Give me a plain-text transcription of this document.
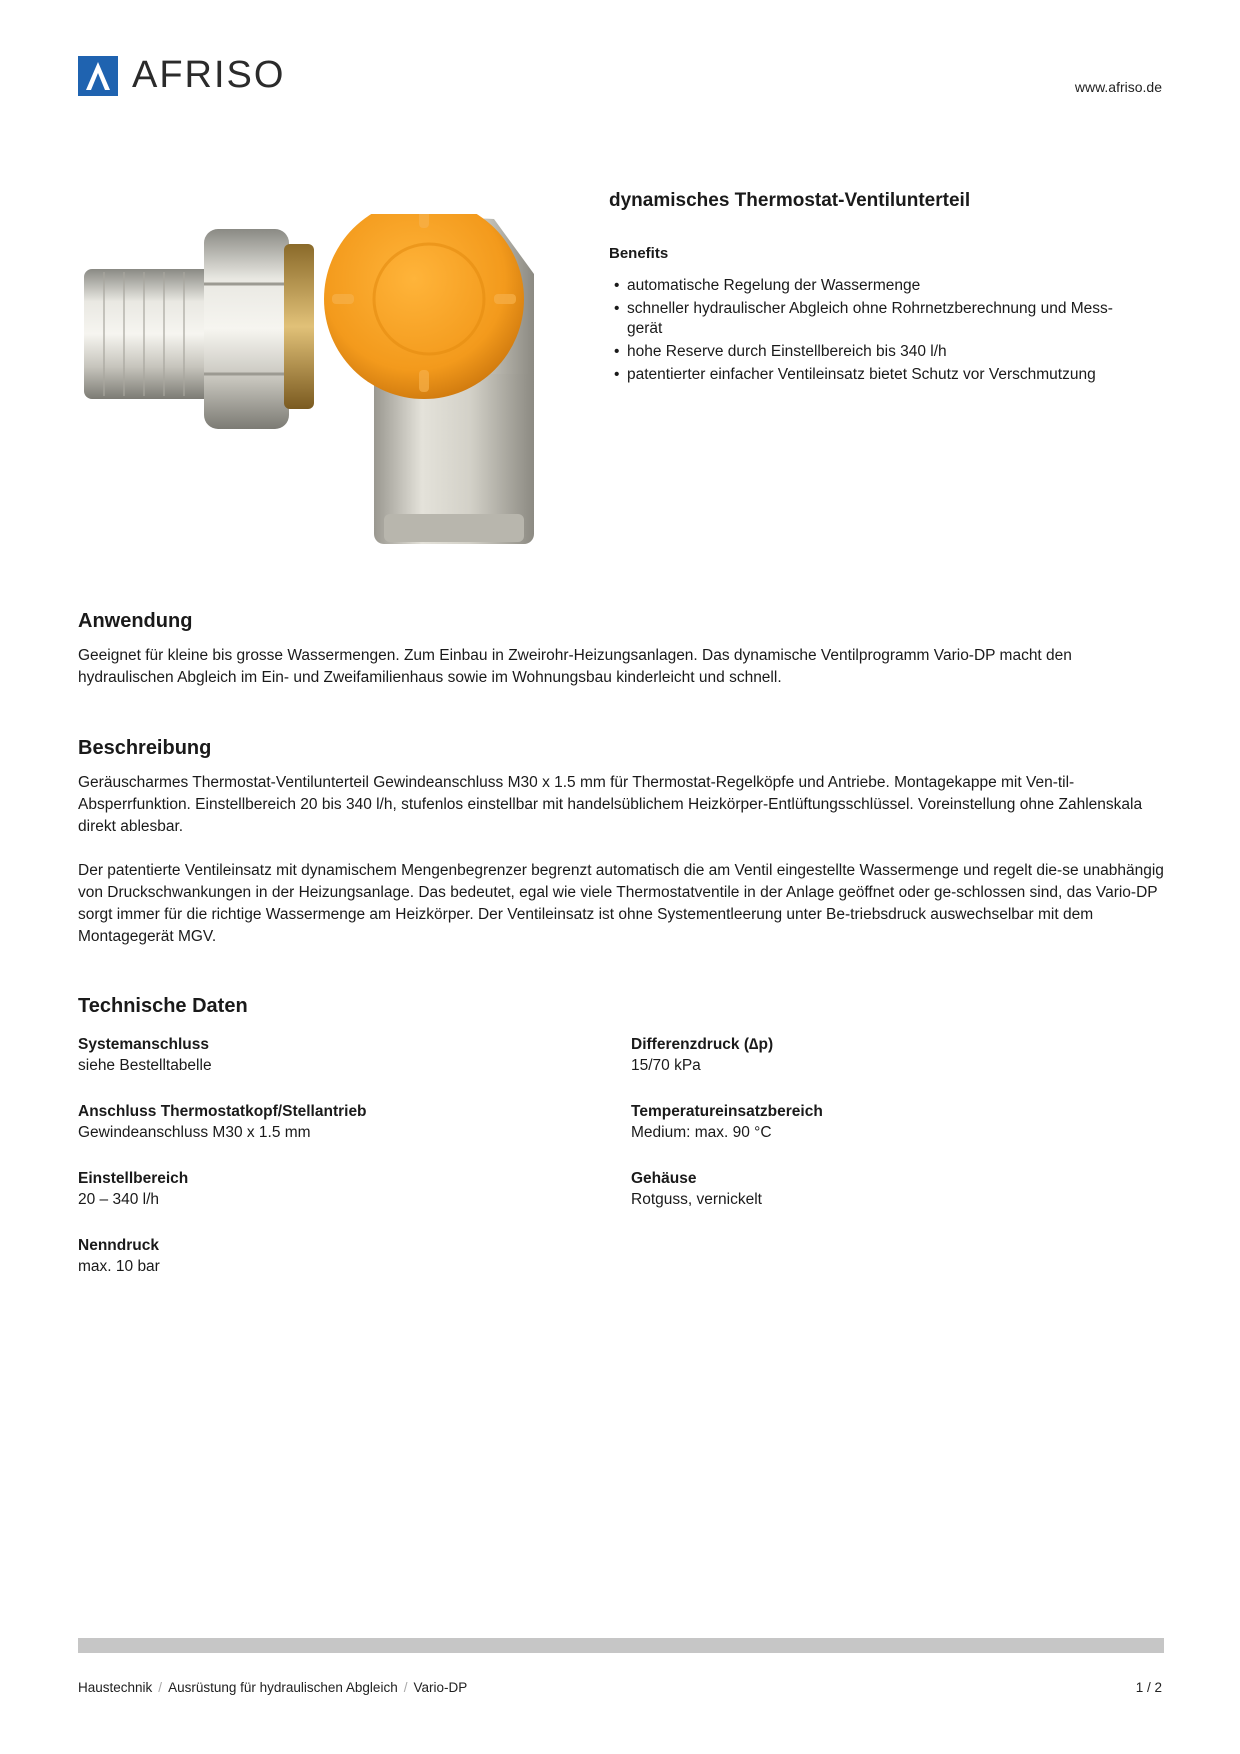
AFRISO	www.afriso.de
dynamisches Thermostat-Ventilunterteil
Benefits
• automatische Regelung der Wassermenge
• schneller hydraulischer Abgleich ohne Rohrnetzberechnung und Mess-
gerät
• hohe Reserve durch Einstellbereich bis 340 l/h
• patentierter einfacher Ventileinsatz bietet Schutz vor Verschmutzung
Anwendung

Geeignet für kleine bis grosse Wassermengen. Zum Einbau in Zweirohr-Heizungsanlagen. Das dynamische Ventilprogramm Vario-DP macht den hydraulischen Abgleich im Ein- und Zweifamilienhaus sowie im Wohnungsbau kinderleicht und schnell.

Beschreibung

Geräuscharmes Thermostat-Ventilunterteil Gewindeanschluss M30 x 1.5 mm für Thermostat-Regelköpfe und Antriebe. Montagekappe mit Ven-til-Absperrfunktion. Einstellbereich 20 bis 340 l/h, stufenlos einstellbar mit handelsüblichem Heizkörper-Entlüftungsschlüssel. Voreinstellung ohne Zahlenskala direkt ablesbar.

Der patentierte Ventileinsatz mit dynamischem Mengenbegrenzer begrenzt automatisch die am Ventil eingestellte Wassermenge und regelt die-se unabhängig von Druckschwankungen in der Heizungsanlage. Das bedeutet, egal wie viele Thermostatventile in der Anlage geöffnet oder ge-schlossen sind, das Vario-DP sorgt immer für die richtige Wassermenge am Heizkörper. Der Ventileinsatz ist ohne Systementleerung unter Be-triebsdruck auswechselbar mit dem Montagegerät MGV.

Technische Daten
Systemanschluss
siehe Bestelltabelle
Anschluss Thermostatkopf/Stellantrieb
Gewindeanschluss M30 x 1.5 mm
Einstellbereich
20 – 340 l/h
Nenndruck
max. 10 bar
Differenzdruck (∆p)
15/70 kPa
Temperatureinsatzbereich
Medium: max. 90 °C
Gehäuse
Rotguss, vernickelt
Haustechnik / Ausrüstung für hydraulischen Abgleich / Vario-DP	1 / 2
